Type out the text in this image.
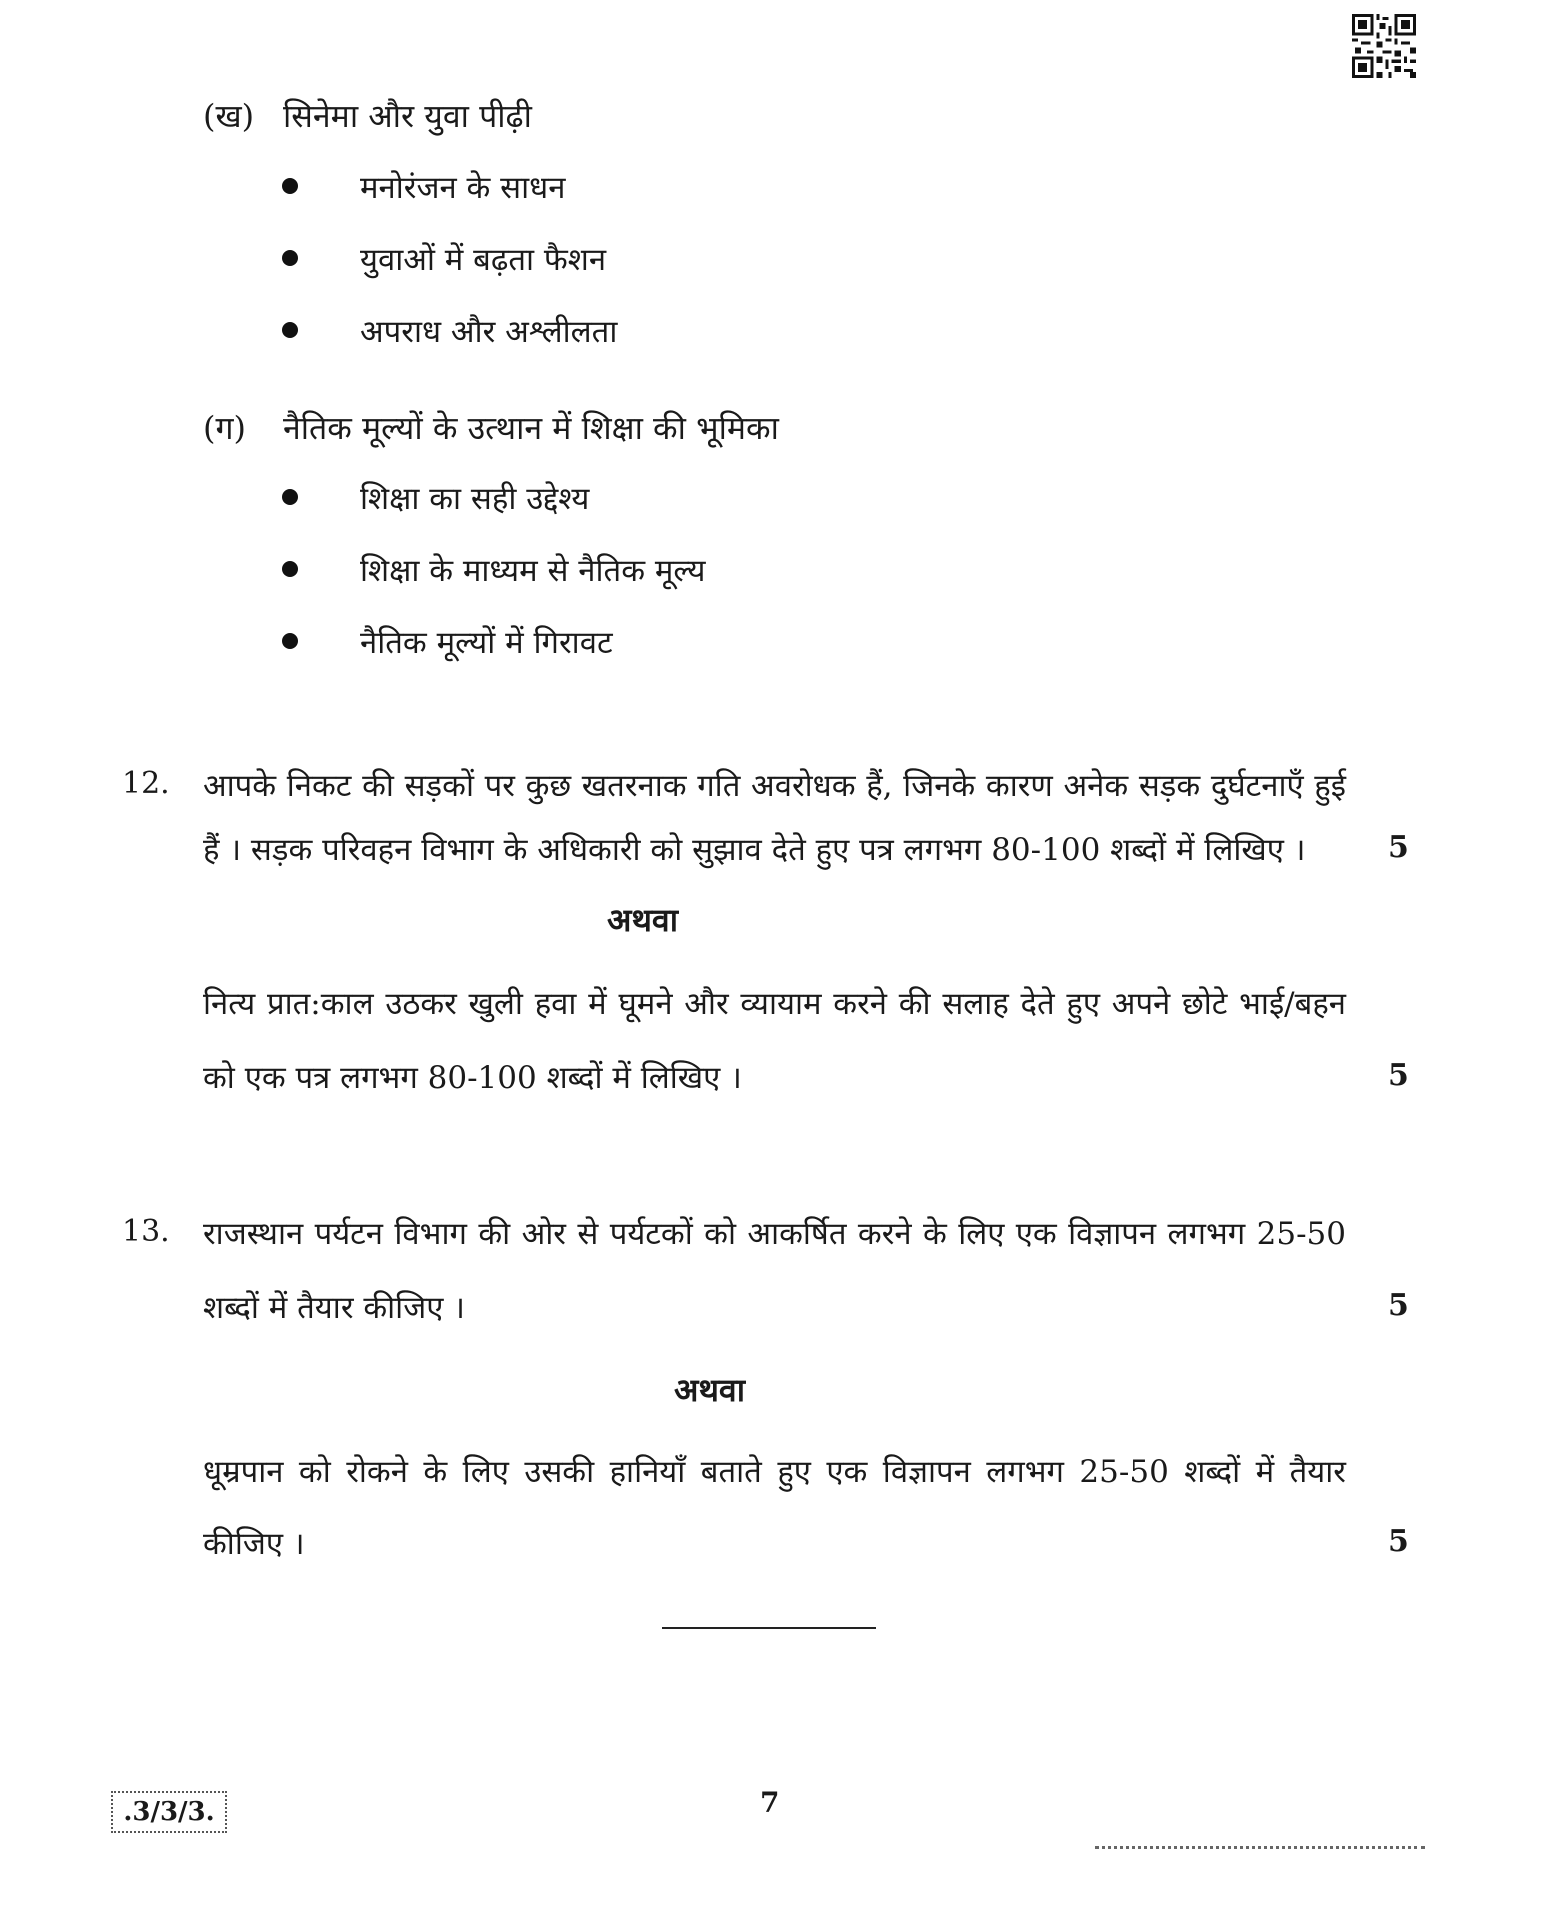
(ख) सिनेमा और युवा पीढ़ी
मनोरंजन के साधन
युवाओं में बढ़ता फैशन
अपराध और अश्लीलता
(ग) नैतिक मूल्यों के उत्थान में शिक्षा की भूमिका
शिक्षा का सही उद्देश्य
शिक्षा के माध्यम से नैतिक मूल्य
नैतिक मूल्यों में गिरावट
12. आपके निकट की सड़कों पर कुछ खतरनाक गति अवरोधक हैं, जिनके कारण अनेक सड़क दुर्घटनाएँ हुई
हैं । सड़क परिवहन विभाग के अधिकारी को सुझाव देते हुए पत्र लगभग 80-100 शब्दों में लिखिए ।	5
अथवा
नित्य प्रात:काल उठकर खुली हवा में घूमने और व्यायाम करने की सलाह देते हुए अपने छोटे भाई/बहन
को एक पत्र लगभग 80-100 शब्दों में लिखिए ।	5
13. राजस्थान पर्यटन विभाग की ओर से पर्यटकों को आकर्षित करने के लिए एक विज्ञापन लगभग 25-50
शब्दों में तैयार कीजिए ।	5
अथवा
धूम्रपान को रोकने के लिए उसकी हानियाँ बताते हुए एक विज्ञापन लगभग 25-50 शब्दों में तैयार
कीजिए ।	5
.3/3/3.	7
